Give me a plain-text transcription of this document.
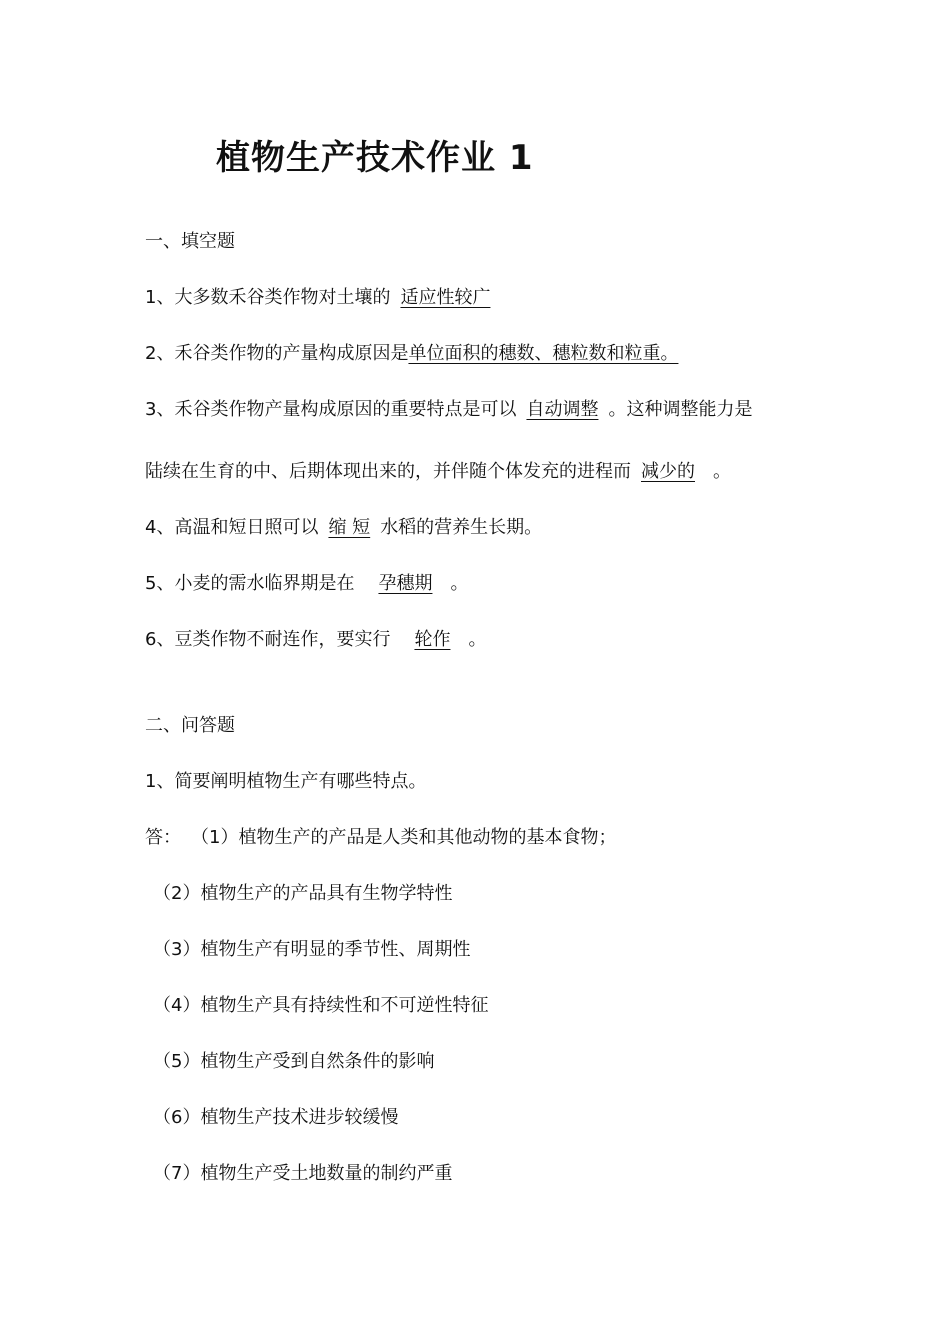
植物生产技术作业 1
一、填空题
1、大多数禾谷类作物对土壤的 适应性较广
2、禾谷类作物的产量构成原因是单位面积的穗数、穗粒数和粒重。
3、禾谷类作物产量构成原因的重要特点是可以 自动调整 。这种调整能力是
陆续在生育的中、后期体现出来的，并伴随个体发充的进程而 减少的 。
4、高温和短日照可以 缩 短 水稻的营养生长期。
5、小麦的需水临界期是在 孕穗期 。
6、豆类作物不耐连作，要实行 轮作 。
二、问答题
1、简要阐明植物生产有哪些特点。
答： （1）植物生产的产品是人类和其他动物的基本食物；
（2）植物生产的产品具有生物学特性
（3）植物生产有明显的季节性、周期性
（4）植物生产具有持续性和不可逆性特征
（5）植物生产受到自然条件的影响
（6）植物生产技术进步较缓慢
（7）植物生产受土地数量的制约严重
